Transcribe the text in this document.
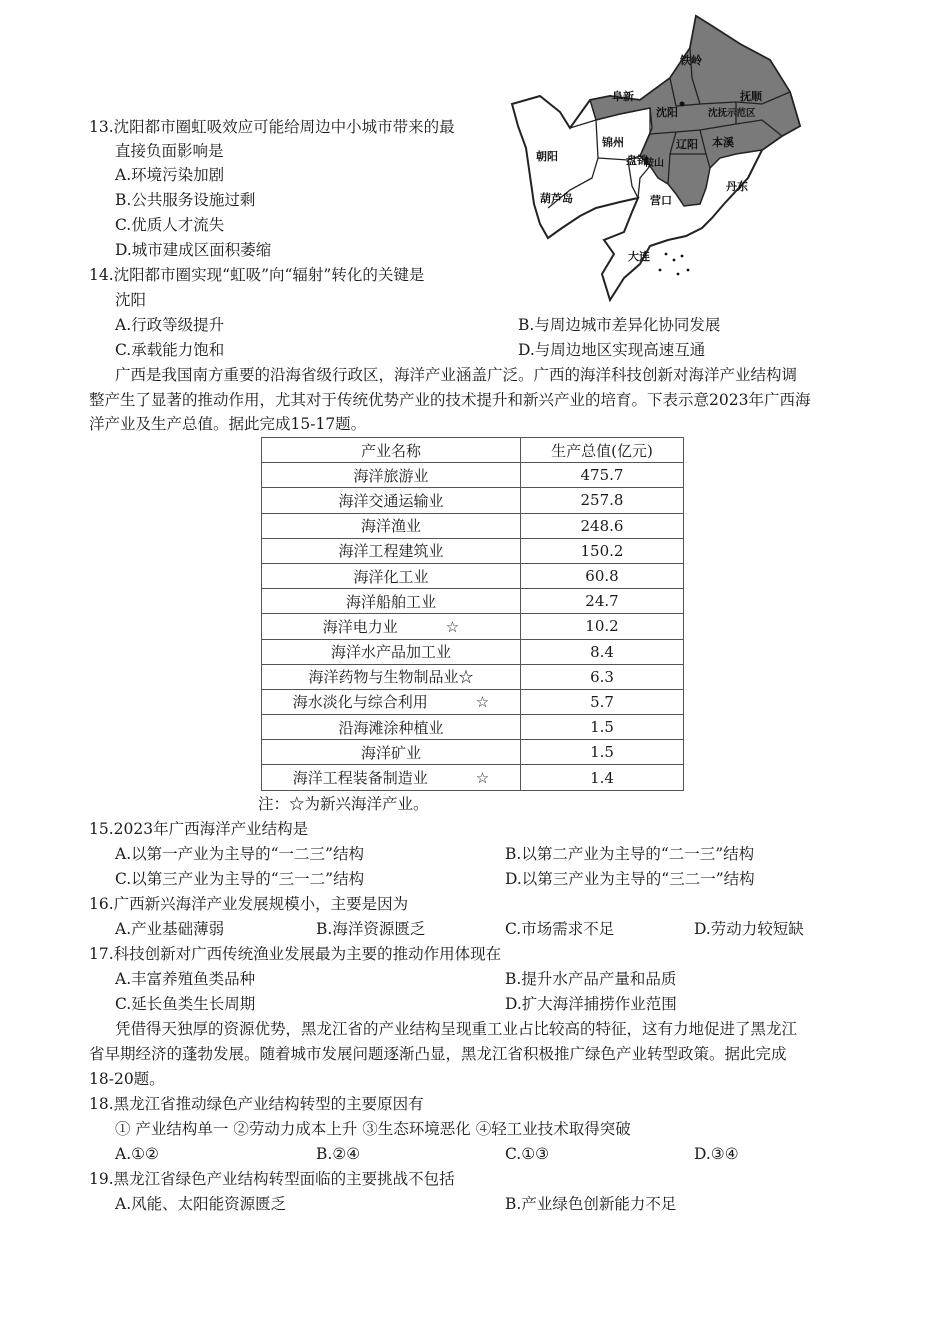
铁岭
阜新	抚顺
沈阳	沈抚示范区
锦州	辽阳 本溪
朝阳	盘锦
鞍山
丹东
葫芦岛	营口
大连
13.沈阳都市圈虹吸效应可能给周边中小城市带来的最
直接负面影响是
A.环境污染加剧
B.公共服务设施过剩
C.优质人才流失
D.城市建成区面积萎缩
14.沈阳都市圈实现“虹吸”向“辐射”转化的关键是
沈阳
A.行政等级提升	B.与周边城市差异化协同发展
C.承载能力饱和	D.与周边地区实现高速互通
广西是我国南方重要的沿海省级行政区，海洋产业涵盖广泛。广西的海洋科技创新对海洋产业结构调
整产生了显著的推动作用，尤其对于传统优势产业的技术提升和新兴产业的培育。下表示意2023年广西海
洋产业及生产总值。据此完成15-17题。
产业名称	生产总值(亿元)
海洋旅游业	475.7
海洋交通运输业	257.8
海洋渔业	248.6
海洋工程建筑业	150.2
海洋化工业	60.8
海洋船舶工业	24.7
海洋电力业 ☆	10.2
海洋水产品加工业	8.4
海洋药物与生物制品业☆	6.3
海水淡化与综合利用 ☆	5.7
沿海滩涂种植业	1.5
海洋矿业	1.5
海洋工程装备制造业 ☆	1.4
注：☆为新兴海洋产业。
15.2023年广西海洋产业结构是
A.以第一产业为主导的“一二三”结构	B.以第二产业为主导的“二一三”结构
C.以第三产业为主导的“三一二”结构	D.以第三产业为主导的“三二一”结构
16.广西新兴海洋产业发展规模小，主要是因为
A.产业基础薄弱	B.海洋资源匮乏	C.市场需求不足	D.劳动力较短缺
17.科技创新对广西传统渔业发展最为主要的推动作用体现在
A.丰富养殖鱼类品种	B.提升水产品产量和品质
C.延长鱼类生长周期	D.扩大海洋捕捞作业范围
凭借得天独厚的资源优势，黑龙江省的产业结构呈现重工业占比较高的特征，这有力地促进了黑龙江
省早期经济的蓬勃发展。随着城市发展问题逐渐凸显，黑龙江省积极推广绿色产业转型政策。据此完成
18-20题。
18.黑龙江省推动绿色产业结构转型的主要原因有
① 产业结构单一 ②劳动力成本上升 ③生态环境恶化 ④轻工业技术取得突破
A.①②	B.②④	C.①③	D.③④
19.黑龙江省绿色产业结构转型面临的主要挑战不包括
A.风能、太阳能资源匮乏	B.产业绿色创新能力不足
